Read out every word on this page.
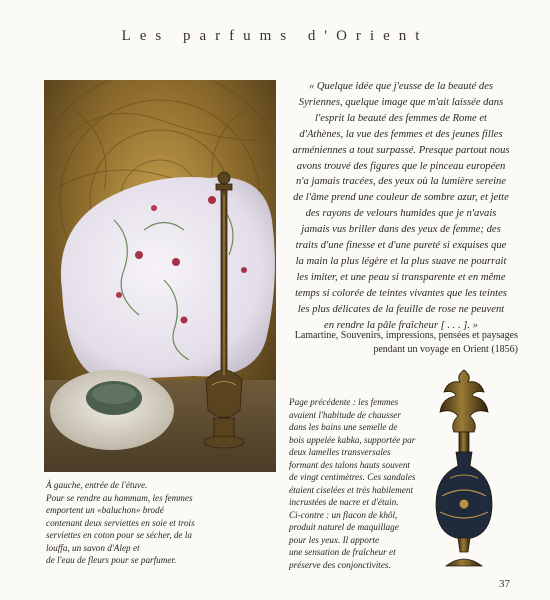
Les parfums d'Orient
« Quelque idée que j'eusse de la beauté des
Syriennes, quelque image que m'ait laissée dans
l'esprit la beauté des femmes de Rome et
d'Athènes, la vue des femmes et des jeunes filles
arméniennes a tout surpassé. Presque partout nous
avons trouvé des figures que le pinceau européen
n'a jamais tracées, des yeux où la lumière sereine
de l'âme prend une couleur de sombre azur, et jette
des rayons de velours humides que je n'avais
jamais vus briller dans des yeux de femme; des
traits d'une finesse et d'une pureté si exquises que
la main la plus légère et la plus suave ne pourrait
les imiter, et une peau si transparente et en même
temps si colorée de teintes vivantes que les teintes
les plus délicates de la feuille de rose ne peuvent
en rendre la pâle fraîcheur [ . . . ]. »
Lamartine, Souvenirs, impressions, pensées et paysages
pendant un voyage en Orient (1856)
À gauche, entrée de l'étuve.
Pour se rendre au hammam, les femmes
emportent un «baluchon» brodé
contenant deux serviettes en soie et trois
serviettes en coton pour se sécher, de la
louffa, un savon d'Alep et
de l'eau de fleurs pour se parfumer.
Page précédente : les femmes
avaient l'habitude de chausser
dans les bains une semelle de
bois appelée kabka, supportée par
deux lamelles transversales
formant des talons hauts souvent
de vingt centimètres. Ces sandales
étaient ciselées et très habilement
incrustées de nacre et d'étain.
Ci-contre : un flacon de khôl,
produit naturel de maquillage
pour les yeux. Il apporte
une sensation de fraîcheur et
préserve des conjonctivites.
37
